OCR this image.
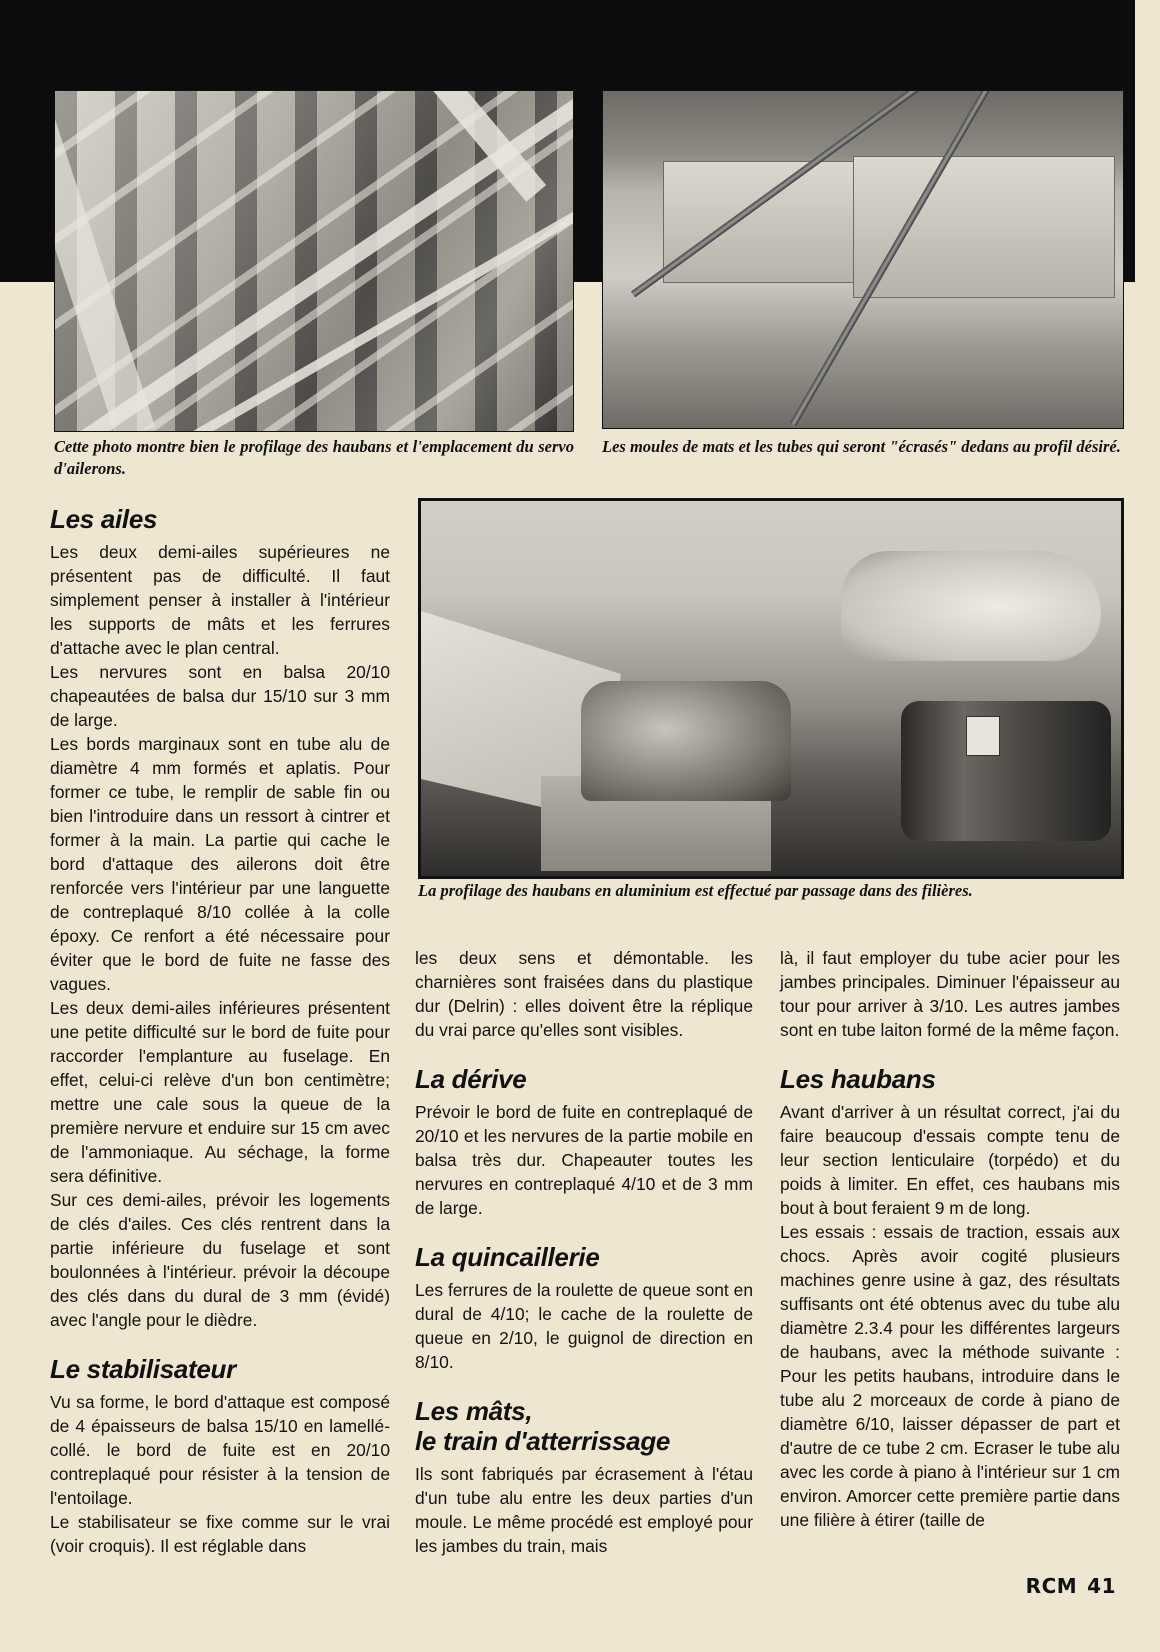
Cette photo montre bien le profilage des haubans et l'emplacement du servo d'ailerons.
Les moules de mats et les tubes qui seront "écrasés" dedans au profil désiré.
Les ailes

Les deux demi-ailes supérieures ne présentent pas de difficulté. Il faut simplement penser à installer à l'intérieur les supports de mâts et les ferrures d'attache avec le plan central.

Les nervures sont en balsa 20/10 chapeautées de balsa dur 15/10 sur 3 mm de large.

Les bords marginaux sont en tube alu de diamètre 4 mm formés et aplatis. Pour former ce tube, le remplir de sable fin ou bien l'introduire dans un ressort à cintrer et former à la main. La partie qui cache le bord d'attaque des ailerons doit être renforcée vers l'intérieur par une languette de contreplaqué 8/10 collée à la colle époxy. Ce renfort a été nécessaire pour éviter que le bord de fuite ne fasse des vagues.

Les deux demi-ailes inférieures présentent une petite difficulté sur le bord de fuite pour raccorder l'emplanture au fuselage. En effet, celui-ci relève d'un bon centimètre; mettre une cale sous la queue de la première nervure et enduire sur 15 cm avec de l'ammoniaque. Au séchage, la forme sera définitive.

Sur ces demi-ailes, prévoir les logements de clés d'ailes. Ces clés rentrent dans la partie inférieure du fuselage et sont boulonnées à l'intérieur. prévoir la découpe des clés dans du dural de 3 mm (évidé) avec l'angle pour le dièdre.

Le stabilisateur

Vu sa forme, le bord d'attaque est composé de 4 épaisseurs de balsa 15/10 en lamellé-collé. le bord de fuite est en 20/10 contreplaqué pour résister à la tension de l'entoilage.

Le stabilisateur se fixe comme sur le vrai (voir croquis). Il est réglable dans

La profilage des haubans en aluminium est effectué par passage dans des filières.

les deux sens et démontable. les charnières sont fraisées dans du plastique dur (Delrin) : elles doivent être la réplique du vrai parce qu'elles sont visibles.

La dérive

Prévoir le bord de fuite en contreplaqué de 20/10 et les nervures de la partie mobile en balsa très dur. Chapeauter toutes les nervures en contreplaqué 4/10 et de 3 mm de large.

La quincaillerie

Les ferrures de la roulette de queue sont en dural de 4/10; le cache de la roulette de queue en 2/10, le guignol de direction en 8/10.

Les mâts,
le train d'atterrissage

Ils sont fabriqués par écrasement à l'étau d'un tube alu entre les deux parties d'un moule. Le même procédé est employé pour les jambes du train, mais

là, il faut employer du tube acier pour les jambes principales. Diminuer l'épaisseur au tour pour arriver à 3/10. Les autres jambes sont en tube laiton formé de la même façon.

Les haubans

Avant d'arriver à un résultat correct, j'ai du faire beaucoup d'essais compte tenu de leur section lenticulaire (torpédo) et du poids à limiter. En effet, ces haubans mis bout à bout feraient 9 m de long.

Les essais : essais de traction, essais aux chocs. Après avoir cogité plusieurs machines genre usine à gaz, des résultats suffisants ont été obtenus avec du tube alu diamètre 2.3.4 pour les différentes largeurs de haubans, avec la méthode suivante : Pour les petits haubans, introduire dans le tube alu 2 morceaux de corde à piano de diamètre 6/10, laisser dépasser de part et d'autre de ce tube 2 cm. Ecraser le tube alu avec les corde à piano à l'intérieur sur 1 cm environ. Amorcer cette première partie dans une filière à étirer (taille de

RCM 41
